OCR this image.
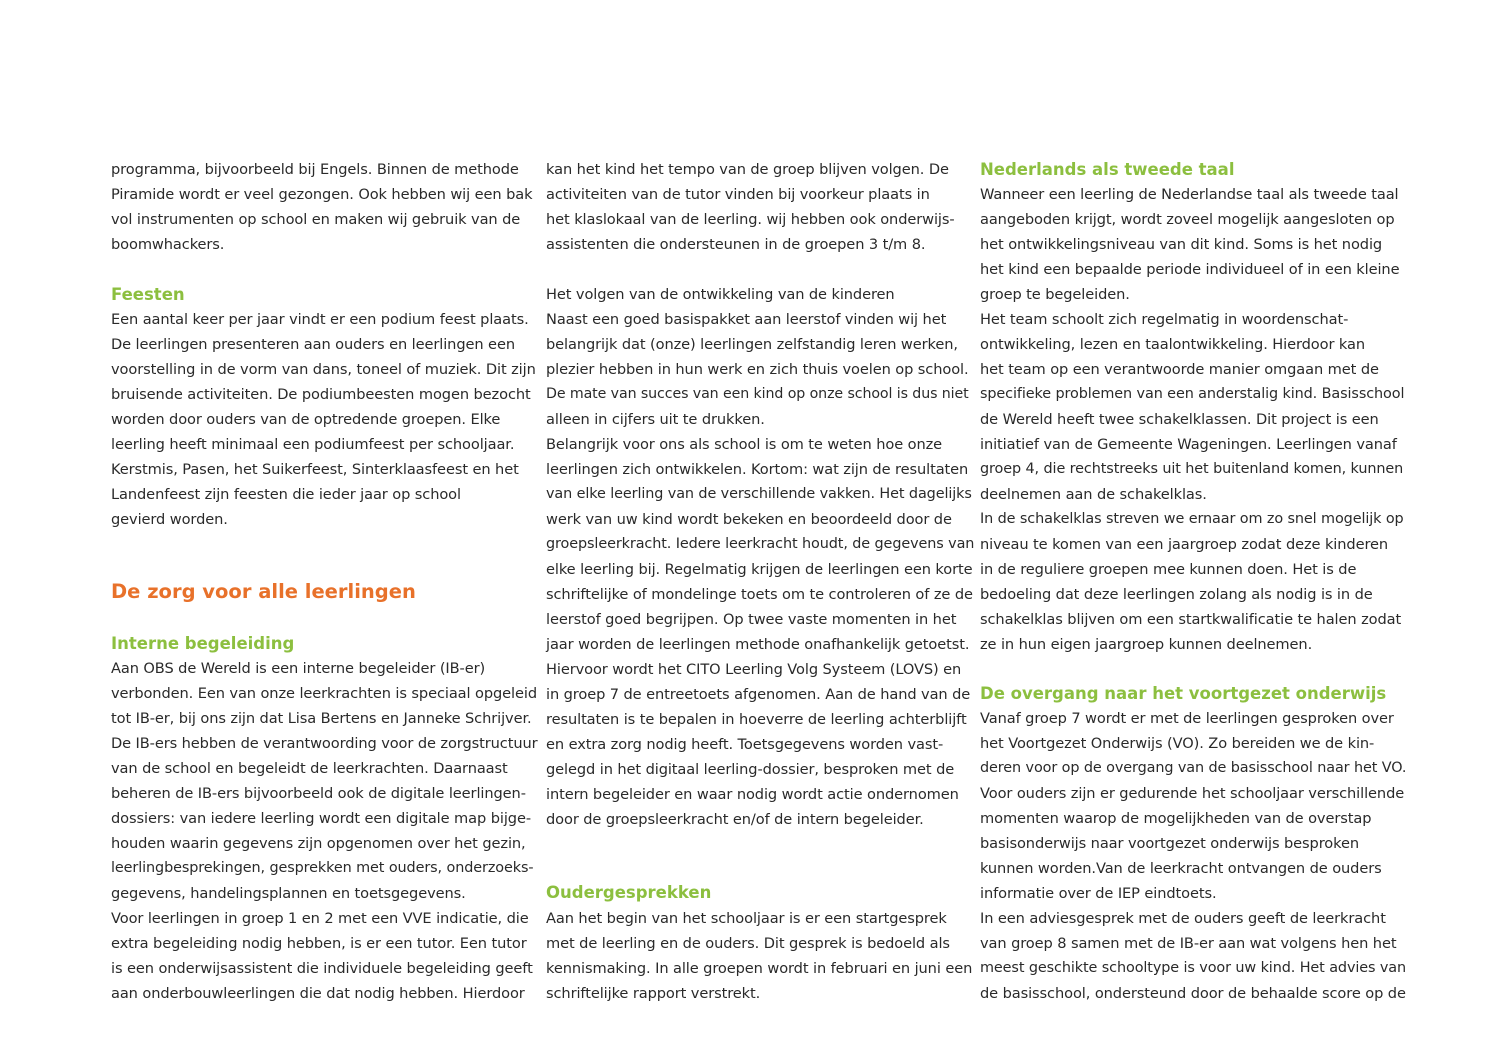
programma, bijvoorbeeld bij Engels. Binnen de methode
Piramide wordt er veel gezongen. Ook hebben wij een bak
vol instrumenten op school en maken wij gebruik van de
boomwhackers.
Feesten
Een aantal keer per jaar vindt er een podium feest plaats.
De leerlingen presenteren aan ouders en leerlingen een
voorstelling in de vorm van dans, toneel of muziek. Dit zijn
bruisende activiteiten. De podiumbeesten mogen bezocht
worden door ouders van de optredende groepen. Elke
leerling heeft minimaal een podiumfeest per schooljaar.
Kerstmis, Pasen, het Suikerfeest, Sinterklaasfeest en het
Landenfeest zijn feesten die ieder jaar op school
gevierd worden.
De zorg voor alle leerlingen
Interne begeleiding
Aan OBS de Wereld is een interne begeleider (IB-er)
verbonden. Een van onze leerkrachten is speciaal opgeleid
tot IB-er, bij ons zijn dat Lisa Bertens en Janneke Schrijver.
De IB-ers hebben de verantwoording voor de zorgstructuur
van de school en begeleidt de leerkrachten. Daarnaast
beheren de IB-ers bijvoorbeeld ook de digitale leerlingen-
dossiers: van iedere leerling wordt een digitale map bijge-
houden waarin gegevens zijn opgenomen over het gezin,
leerlingbesprekingen, gesprekken met ouders, onderzoeks-
gegevens, handelingsplannen en toetsgegevens.
Voor leerlingen in groep 1 en 2 met een VVE indicatie, die
extra begeleiding nodig hebben, is er een tutor. Een tutor
is een onderwijsassistent die individuele begeleiding geeft
aan onderbouwleerlingen die dat nodig hebben. Hierdoor
kan het kind het tempo van de groep blijven volgen. De
activiteiten van de tutor vinden bij voorkeur plaats in
het klaslokaal van de leerling. wij hebben ook onderwijs-
assistenten die ondersteunen in de groepen 3 t/m 8.
Het volgen van de ontwikkeling van de kinderen
Naast een goed basispakket aan leerstof vinden wij het
belangrijk dat (onze) leerlingen zelfstandig leren werken,
plezier hebben in hun werk en zich thuis voelen op school.
De mate van succes van een kind op onze school is dus niet
alleen in cijfers uit te drukken.
Belangrijk voor ons als school is om te weten hoe onze
leerlingen zich ontwikkelen. Kortom: wat zijn de resultaten
van elke leerling van de verschillende vakken. Het dagelijks
werk van uw kind wordt bekeken en beoordeeld door de
groepsleerkracht. Iedere leerkracht houdt, de gegevens van
elke leerling bij. Regelmatig krijgen de leerlingen een korte
schriftelijke of mondelinge toets om te controleren of ze de
leerstof goed begrijpen. Op twee vaste momenten in het
jaar worden de leerlingen methode onafhankelijk getoetst.
Hiervoor wordt het CITO Leerling Volg Systeem (LOVS) en
in groep 7 de entreetoets afgenomen. Aan de hand van de
resultaten is te bepalen in hoeverre de leerling achterblijft
en extra zorg nodig heeft. Toetsgegevens worden vast-
gelegd in het digitaal leerling-dossier, besproken met de
intern begeleider en waar nodig wordt actie ondernomen
door de groepsleerkracht en/of de intern begeleider.
Oudergesprekken
Aan het begin van het schooljaar is er een startgesprek
met de leerling en de ouders. Dit gesprek is bedoeld als
kennismaking. In alle groepen wordt in februari en juni een
schriftelijke rapport verstrekt.
Nederlands als tweede taal
Wanneer een leerling de Nederlandse taal als tweede taal
aangeboden krijgt, wordt zoveel mogelijk aangesloten op
het ontwikkelingsniveau van dit kind. Soms is het nodig
het kind een bepaalde periode individueel of in een kleine
groep te begeleiden.
Het team schoolt zich regelmatig in woordenschat-
ontwikkeling, lezen en taalontwikkeling. Hierdoor kan
het team op een verantwoorde manier omgaan met de
specifieke problemen van een anderstalig kind. Basisschool
de Wereld heeft twee schakelklassen. Dit project is een
initiatief van de Gemeente Wageningen. Leerlingen vanaf
groep 4, die rechtstreeks uit het buitenland komen, kunnen
deelnemen aan de schakelklas.
In de schakelklas streven we ernaar om zo snel mogelijk op
niveau te komen van een jaargroep zodat deze kinderen
in de reguliere groepen mee kunnen doen. Het is de
bedoeling dat deze leerlingen zolang als nodig is in de
schakelklas blijven om een startkwalificatie te halen zodat
ze in hun eigen jaargroep kunnen deelnemen.
De overgang naar het voortgezet onderwijs
Vanaf groep 7 wordt er met de leerlingen gesproken over
het Voortgezet Onderwijs (VO). Zo bereiden we de kin-
deren voor op de overgang van de basisschool naar het VO.
Voor ouders zijn er gedurende het schooljaar verschillende
momenten waarop de mogelijkheden van de overstap
basisonderwijs naar voortgezet onderwijs besproken
kunnen worden.Van de leerkracht ontvangen de ouders
informatie over de IEP eindtoets.
In een adviesgesprek met de ouders geeft de leerkracht
van groep 8 samen met de IB-er aan wat volgens hen het
meest geschikte schooltype is voor uw kind. Het advies van
de basisschool, ondersteund door de behaalde score op de
